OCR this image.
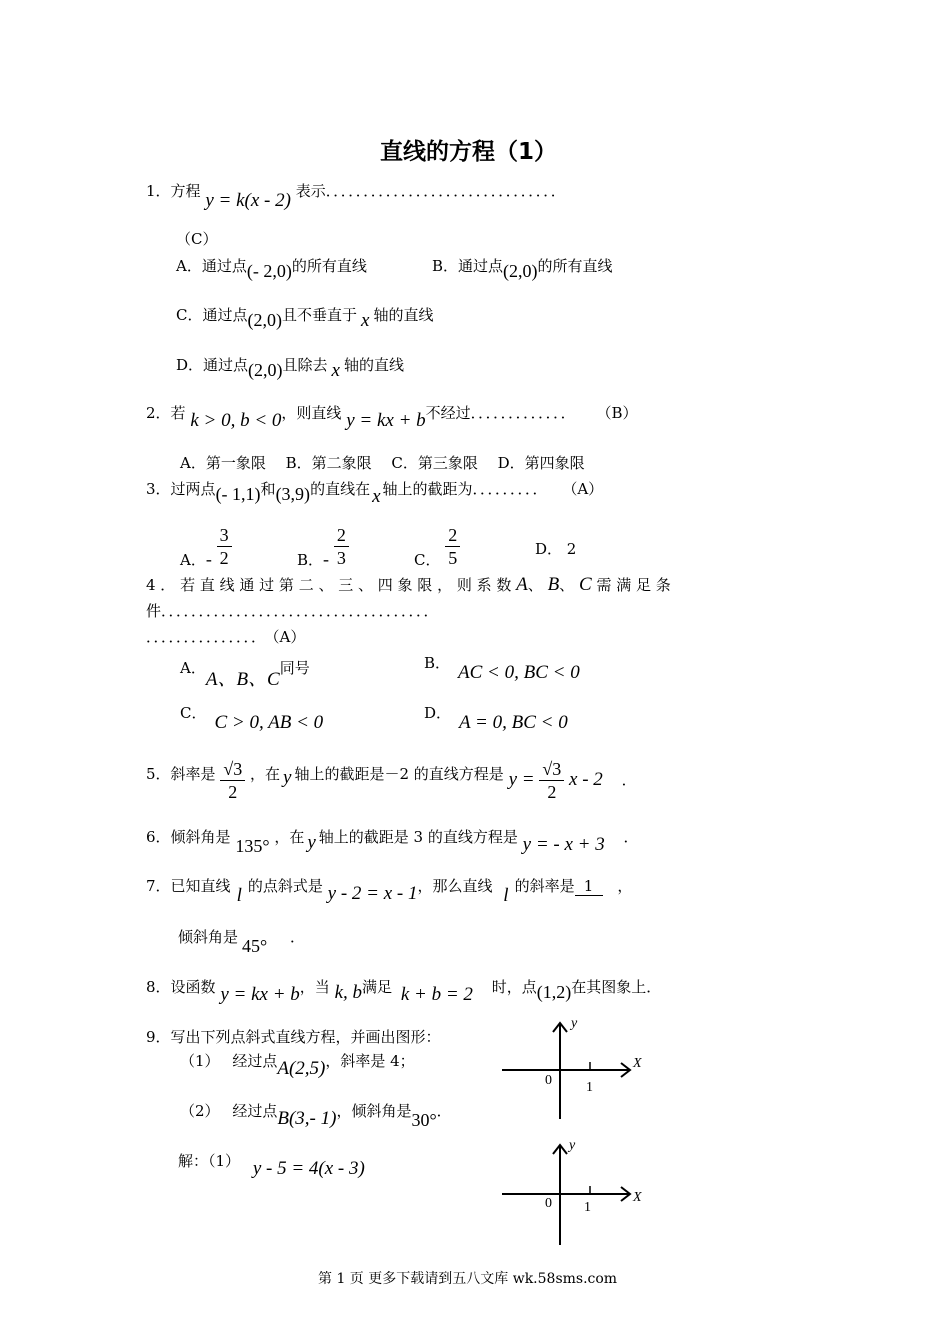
直线的方程（1）
1．方程 y = k(x - 2) 表示．．．．．．．．．．．．．．．．．．．．．．．．．．．．．．．
（C）
A．通过点(- 2,0)的所有直线	B．通过点(2,0)的所有直线
C．通过点(2,0)且不垂直于 x 轴的直线
D．通过点(2,0)且除去 x 轴的直线
2．若 k > 0, b < 0，则直线 y = kx + b不经过．．．．．．．．．．．．． （B）
A．第一象限　 B．第二象限　 C．第三象限　 D．第四象限
3．过两点(- 1,1)和(3,9)的直线在 x 轴上的截距为．．．．．．．．． （A）
A．- $\frac{3}{2}$	B．- $\frac{2}{3}$	C． $\frac{2}{5}$	D． 2
4 ． 若 直 线 通 过 第 二 、 三 、 四 象 限 ， 则 系 数 A、 B、 C 需 满 足 条
件．．．．．．．．．．．．．．．．．．．．．．．．．．．．．．．．．．．．
．．．．．．．．．．．．．．． （A）
A．A、B、C同号	B． AC < 0, BC < 0
C． C > 0, AB < 0	D． A = 0, BC < 0
5．斜率是 $\frac{√3}{2}$ ，在 y 轴上的截距是－2 的直线方程是 $y = \frac{√3}{2}$ x - 2 ．
6．倾斜角是 135° ，在 y 轴上的截距是 3 的直线方程是 y = - x + 3 ．
7．已知直线 l 的点斜式是 y - 2 = x - 1，那么直线 l 的斜率是 1 ，
倾斜角是 45° ．
8．设函数 y = kx + b，当 k, b满足 k + b = 2 时，点(1,2)在其图象上．
9．写出下列点斜式直线方程，并画出图形：
（1） 经过点A(2,5)，斜率是 4；
（2） 经过点B(3,- 1)，倾斜角是30°．
解：（1） y - 5 = 4(x - 3)
y
X
0 1
y
X
0 1
第 1 页 更多下载请到五八文库 wk.58sms.com
